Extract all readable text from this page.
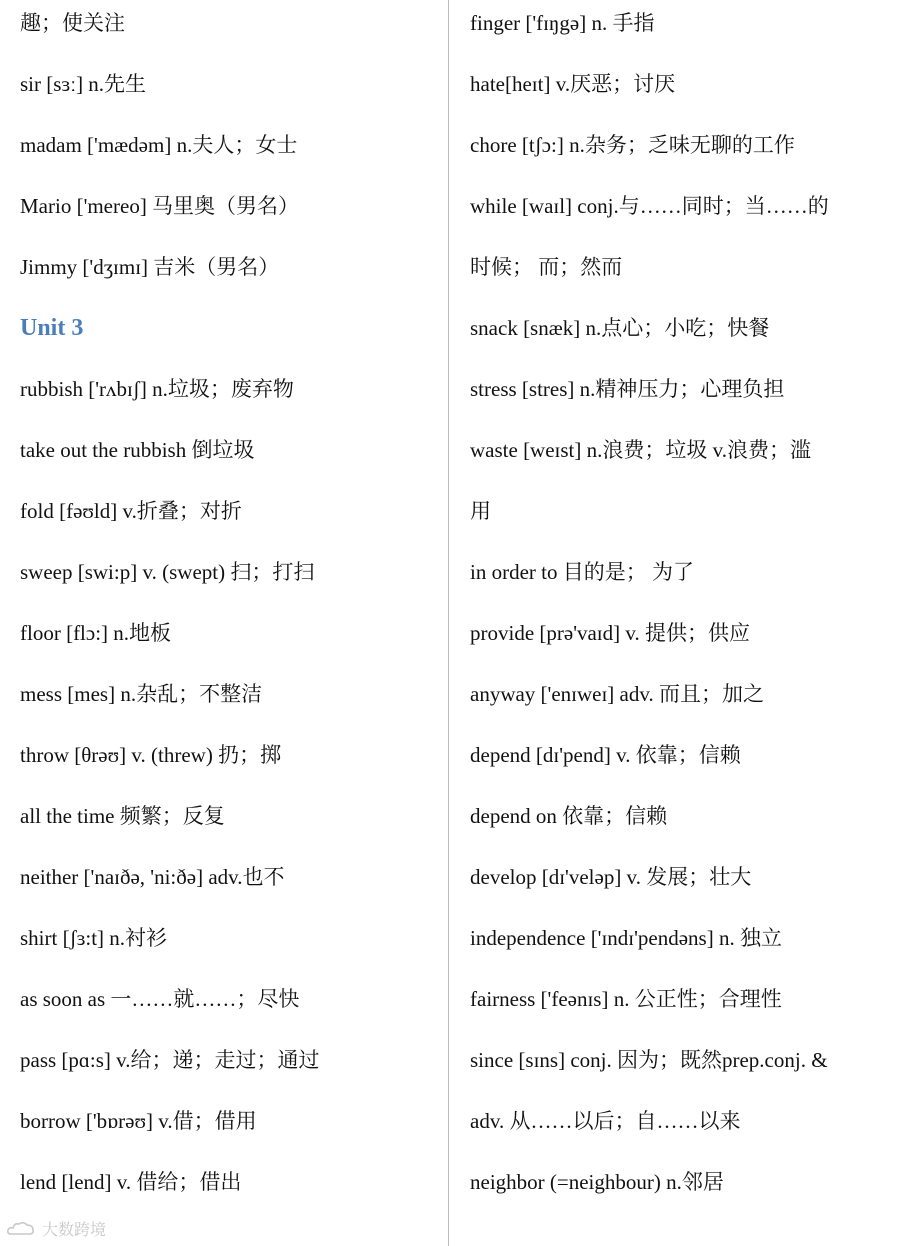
趣；使关注
sir [sɜː] n.先生
madam ['mædəm] n.夫人；女士
Mario ['mereo] 马里奥（男名）
Jimmy ['dʒɪmɪ] 吉米（男名）
Unit 3
rubbish ['rʌbɪʃ] n.垃圾；废弃物
take out the rubbish 倒垃圾
fold [fəʊld] v.折叠；对折
sweep [swi:p] v. (swept) 扫；打扫
floor [flɔ:] n.地板
mess [mes] n.杂乱；不整洁
throw [θrəʊ] v. (threw) 扔；掷
all the time 频繁；反复
neither ['naɪðə, 'ni:ðə] adv.也不
shirt [ʃɜ:t] n.衬衫
as soon as 一……就……；尽快
pass [pɑ:s] v.给；递；走过；通过
borrow ['bɒrəʊ] v.借；借用
lend [lend] v. 借给；借出
finger ['fɪŋgə] n. 手指
hate[heɪt] v.厌恶；讨厌
chore [tʃɔ:] n.杂务；乏味无聊的工作
while [waɪl] conj.与……同时；当……的
时候； 而；然而
snack [snæk] n.点心；小吃；快餐
stress [stres] n.精神压力；心理负担
waste [weɪst] n.浪费；垃圾 v.浪费；滥
用
in order to 目的是； 为了
provide [prə'vaɪd] v. 提供；供应
anyway ['enɪweɪ] adv. 而且；加之
depend [dɪ'pend] v. 依靠；信赖
depend on 依靠；信赖
develop [dɪ'veləp] v. 发展；壮大
independence ['ɪndɪ'pendəns] n. 独立
fairness ['feənɪs] n. 公正性；合理性
since [sɪns] conj. 因为；既然prep.conj. &
adv. 从……以后；自……以来
neighbor (=neighbour) n.邻居
大数跨境
